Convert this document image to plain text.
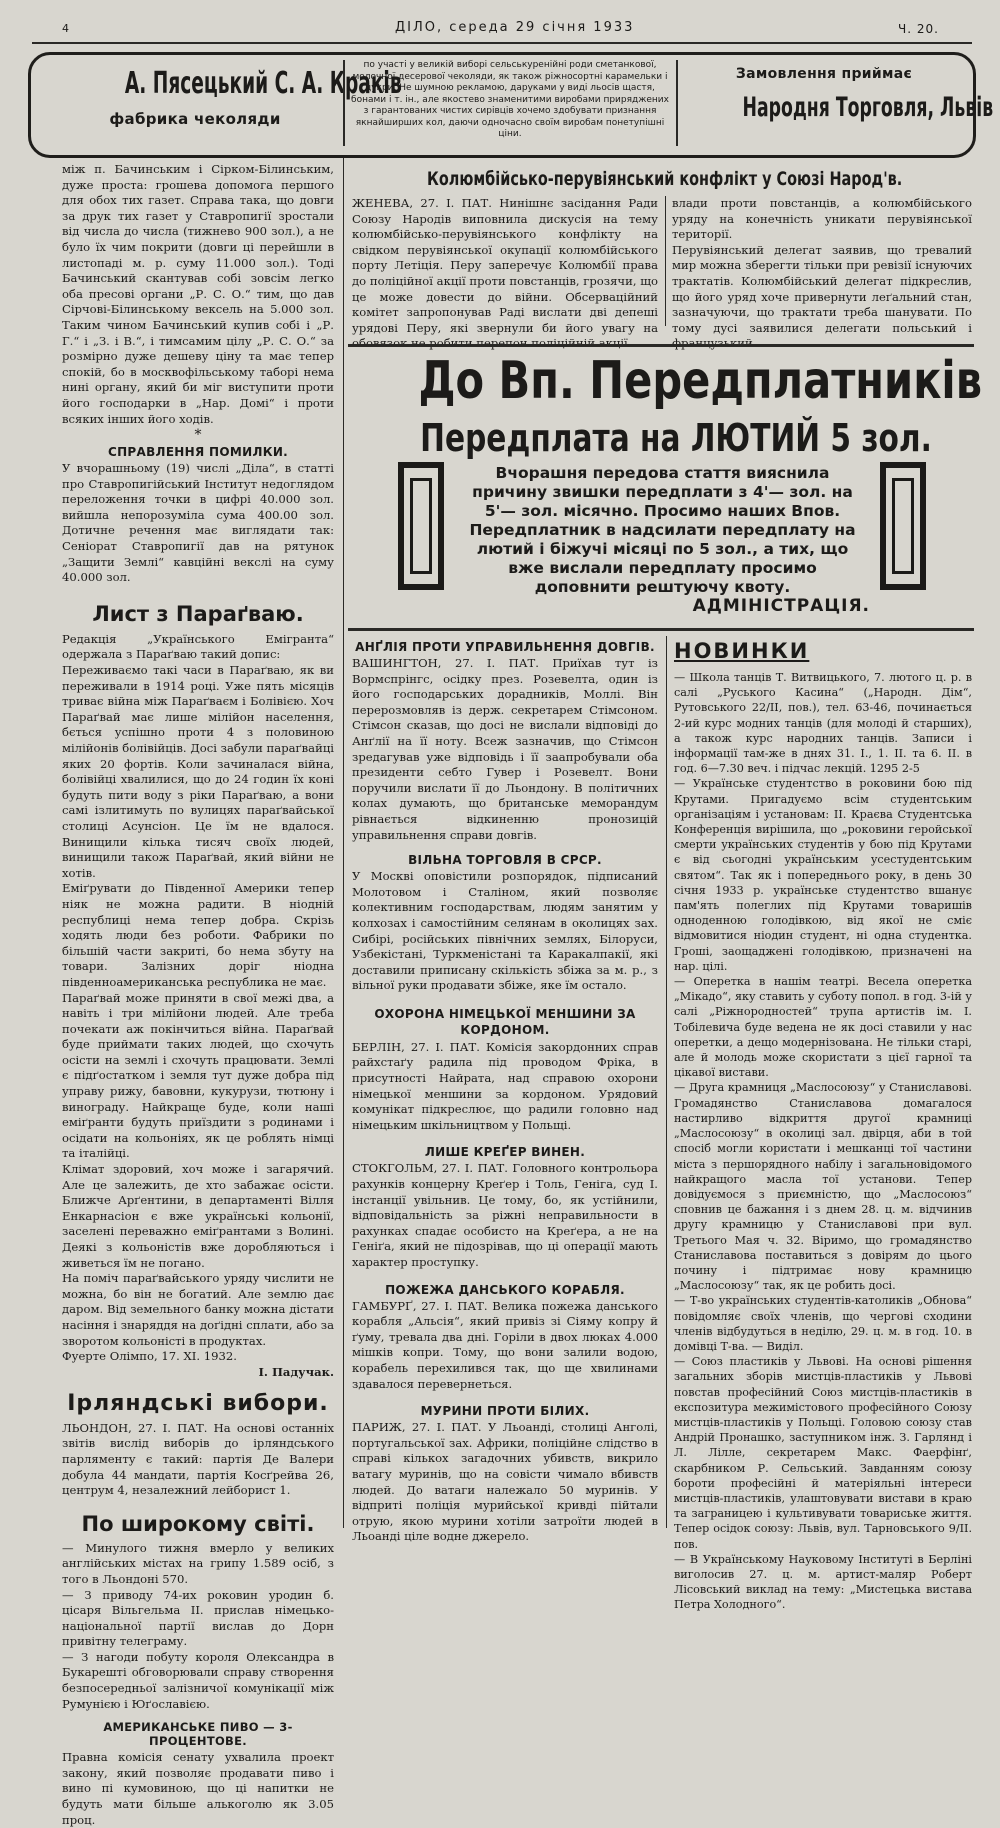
4	ДІЛО, середа 29 січня 1933	Ч. 20.
А. Пясецький С. А. Краків
фабрика чеколяди
по участі у великій виборі сельськуренійні роди сметанкової, молочної десерової чеколяди, як також ріжносортні карамельки і цукри. Не шумною рекламою, даруками у виді льосів щастя, бонами і т. ін., але якостево знаменитими виробами приряджених з гарантованих чистих сирівців хочемо здобувати признання якнайширших кол, даючи одночасно своїм виробам понетупішні ціни.
Замовлення приймає
Народня Торговля, Львів
між п. Бачинським і Сірком-Білинським, дуже проста: грошева допомога першого для обох тих газет. Справа така, що довги за друк тих газет у Ставропигії зростали від числа до числа (тижнево 900 зол.), а не було їх чим покрити (довги ці перейшли в листопаді м. р. суму 11.000 зол.). Тоді Бачинський скантував собі зовсім легко оба пресові органи „Р. С. О.“ тим, що дав Сірчові-Білинському вексель на 5.000 зол. Таким чином Бачинський купив собі і „Р. Г.“ і „З. і В.“, і тимсамим цілу „Р. С. О.“ за розмірно дуже дешеву ціну та має тепер спокій, бо в москвофільському таборі нема нині органу, який би міг виступити проти його господарки в „Нар. Домі“ і проти всяких інших його ходів.
*
СПРАВЛЕННЯ ПОМИЛКИ.
У вчорашньому (19) числі „Діла“, в статті про Ставропигійський Інститут недоглядом переложення точки в цифрі 40.000 зол. вийшла непорозуміла сума 400.00 зол. Дотичне речення має виглядати так: Сеніорат Ставропигії дав на рятунок „Защити Землі“ кавційні векслі на суму 40.000 зол.
Лист з Параґваю.
Редакція „Українського Емігранта“ одержала з Параґваю такий допис:
Переживаємо такі часи в Параґваю, як ви переживали в 1914 році. Уже пять місяців триває війна між Параґваєм і Болівією. Хоч Параґвай має лише мілійон населення, бється успішно проти 4 з половиною мілійонів болівійців. Досі забули параґвайці яких 20 фортів. Коли зачиналася війна, болівійці хвалилися, що до 24 годин їх коні будуть пити воду з ріки Параґваю, а вони самі ізлитимуть по вулицях параґвайської столиці Асунсіон. Це їм не вдалося. Винищили кілька тисяч своїх людей, винищили також Параґвай, який війни не хотів.
Еміґрувати до Південної Америки тепер ніяк не можна радити. В ніодній республиці нема тепер добра. Скрізь ходять люди без роботи. Фабрики по більшій части закриті, бо нема збуту на товари. Залізних доріг ніодна південноамериканська республика не має.
Параґвай може приняти в свої межі два, а навіть і три мілійони людей. Але треба почекати аж покінчиться війна. Параґвай буде приймати таких людей, що схочуть осісти на землі і схочуть працювати. Землі є підґостатком і земля тут дуже добра під управу рижу, бавовни, кукурузи, тютюну і винограду. Найкраще буде, коли наші еміґранти будуть приїздити з родинами і осідати на кольоніях, як це роблять німці та італійці.
Клімат здоровий, хоч може і загарячий. Але це залежить, де хто забажає осісти. Ближче Арґентини, в департаменті Вілля Енкарнасіон є вже українські кольонії, заселені переважно еміґрантами з Волині. Деякі з кольоністів вже доробляються і живеться їм не погано.
На поміч параґвайського уряду числити не можна, бо він не богатий. Але землю дає даром. Від земельного банку можна дістати насіння і знаряддя на доґідні сплати, або за зворотом кольоністі в продуктах.
Фуерте Олімпо, 17. XI. 1932.
І. Падучак.
Ірляндські вибори.
ЛЬОНДОН, 27. І. ПАТ. На основі останніх звітів вислід виборів до ірляндського парляменту є такий: партія Де Валери добула 44 мандати, партія Косґрейва 26, центрум 4, незалежний лейборист 1.
По широкому світі.
— Минулого тижня вмерло у великих англійських містах на грипу 1.589 осіб, з того в Льондоні 570.
— З приводу 74-их роковин уродин б. цісаря Вільгельма II. прислав німецько-національної партії вислав до Дорн привітну телеграму.
— З нагоди побуту короля Олександра в Букарешті обговорювали справу створення безпосередньої залізничої комунікації між Румунією і Юґославією.
АМЕРИКАНСЬКЕ ПИВО — 3-ПРОЦЕНТОВЕ.
Правна комісія сенату ухвалила проект закону, який позволяє продавати пиво і вино пі кумовиною, що ці напитки не будуть мати більше алькоголю як 3.05 проц.
Колюмбійсько-перувіянський конфлікт у Союзі Народ'в.
ЖЕНЕВА, 27. І. ПАТ. Нинішнє засідання Ради Союзу Народів виповнила дискусія на тему колюмбійсько-перувіянського конфлікту на свідком перувіянської окупації колюмбійського порту Летіція. Перу заперечує Колюмбії права до поліційної акції проти повстанців, грозячи, що це може довести до війни. Обсерваційний комітет запропонував Раді вислати дві депеші урядові Перу, які звернули би його увагу на обовязок не робити перепон поліційній акції
влади проти повстанців, а колюмбійського уряду на конечність уникати перувіянської території.
Перувіянський делегат заявив, що тревалий мир можна зберегти тільки при ревізії існуючих трактатів. Колюмбійський делегат підкреслив, що його уряд хоче привернути леґальний стан, зазначуючи, що трактати треба шанувати. По тому дусі заявилися делегати польський і французький.
До Вп. Передплатників
Передплата на ЛЮТИЙ 5 зол.
Вчорашня передова стаття вияснила причину звишки передплати з 4'— зол. на 5'— зол. місячно. Просимо наших Впов. Передплатник в надсилати передплату на лютий і біжучі місяці по 5 зол., а тих, що вже вислали передплату просимо доповнити рештуючу квоту.
АДМІНІСТРАЦІЯ.
АНҐЛІЯ ПРОТИ УПРАВИЛЬНЕННЯ ДОВГІВ.
ВАШИНГТОН, 27. І. ПАТ. Приїхав тут із Вормспрінгс, осідку през. Розевелта, один із його господарських дорадників, Моллі. Він перерозмовляв із держ. секретарем Стімсоном. Стімсон сказав, що досі не вислали відповіді до Анґлії на її ноту. Всеж зазначив, що Стімсон зредагував уже відповідь і її заапробували оба президенти себто Гувер і Розевелт. Вони поручили вислати її до Льондону. В політичних колах думають, що британське меморандум рівнається відкиненню пронозицій управильнення справи довгів.
ВІЛЬНА ТОРГОВЛЯ В СРСР.
У Москві оповістили розпорядок, підписаний Молотовом і Сталіном, який позволяє колективним господарствам, людям занятим у колхозах і самостійним селянам в околицях зах. Сибірі, російських північних землях, Білоруси, Узбекістані, Туркменістані та Каракалпакії, які доставили приписану скількість збіжа за м. р., з вільної руки продавати збіже, яке їм остало.
ОХОРОНА НІМЕЦЬКОЇ МЕНШИНИ ЗА КОРДОНОМ.
БЕРЛІН, 27. І. ПАТ. Комісія закордонних справ райхстаґу радила під проводом Фріка, в присутності Найрата, над справою охорони німецької меншини за кордоном. Урядовий комунікат підкреслює, що радили головно над німецьким шкільництвом у Польщі.
ЛИШЕ КРЕҐЕР ВИНЕН.
СТОКГОЛЬМ, 27. І. ПАТ. Головного контрольора рахунків концерну Креґер і Толь, Геніга, суд І. інстанції увільнив. Це тому, бо, як устійнили, відповідальність за ріжні неправильности в рахунках спадає особисто на Креґера, а не на Геніґа, який не підозрівав, що ці операції мають характер проступку.
ПОЖЕЖА ДАНСЬКОГО КОРАБЛЯ.
ГАМБУРҐ, 27. І. ПАТ. Велика пожежа данського корабля „Альсія“, який привіз зі Сіяму копру й ґуму, тревала два дні. Горіли в двох люках 4.000 мішків копри. Тому, що вони залили водою, корабель перехилився так, що ще хвилинами здавалося перевернеться.
МУРИНИ ПРОТИ БІЛИХ.
ПАРИЖ, 27. І. ПАТ. У Льоанді, столиці Анголі, португальської зах. Африки, поліційне слідство в справі кількох загадочних убивств, викрило ватагу муринів, що на совісти чимало вбивств людей. До ватаги належало 50 муринів. У відприті поліція мурийської кривді пійтали отрую, якою мурини хотіли затроїти людей в Льоанді ціле водне джерело.
НОВИНКИ
— Школа танців Т. Витвицького, 7. лютого ц. р. в салі „Руського Касина“ („Народн. Дім“, Рутовського 22/II, пов.), тел. 63-46, починається 2-ий курс модних танців (для молоді й старших), а також курс народних танців. Записи і інформації там-же в днях 31. І., 1. II. та 6. II. в год. 6—7.30 веч. і підчас лекцій. 1295 2-5
— Українське студентство в роковини бою під Крутами. Пригадуємо всім студентським організаціям і установам: II. Краєва Студентська Конференція вирішила, що „роковини геройської смерти українських студентів у бою під Крутами є від сьогодні українським усестудентським святом“. Так як і попереднього року, в день 30 січня 1933 р. українське студентство вшанує пам'ять полеглих під Крутами товаришів одноденною голодівкою, від якої не сміє відмовитися ніодин студент, ні одна студентка. Гроші, заощаджені голодівкою, призначені на нар. цілі.
— Оперетка в нашім театрі. Весела оперетка „Мікадо“, яку ставить у суботу попол. в год. 3-ій у салі „Ріжнородностей“ трупа артистів ім. І. Тобілевича буде ведена не як досі ставили у нас оперетки, а дещо модернізована. Не тільки старі, але й молодь може скористати з цієї гарної та цікавої вистави.
— Друга крамниця „Маслосоюзу“ у Станиславові. Громадянство Станиславова домагалося настирливо відкриття другої крамниці „Маслосоюзу“ в околиці зал. двірця, аби в той спосіб могли користати і мешканці тої частини міста з першорядного набілу і загальновідомого найкращого масла тої установи. Тепер довідуємося з приємністю, що „Маслосоюз“ сповнив це бажання і з днем 28. ц. м. відчинив другу крамницю у Станиславові при вул. Третього Мая ч. 32. Віримо, що громадянство Станиславова поставиться з довірям до цього почину і підтримає нову крамницю „Маслосоюзу“ так, як це робить досі.
— Т-во українських студентів-католиків „Обнова“ повідомляє своїх членів, що чергові сходини членів відбудуться в неділю, 29. ц. м. в год. 10. в домівці Т-ва. — Виділ.
— Союз пластиків у Львові. На основі рішення загальних зборів мистців-пластиків у Львові повстав професійний Союз мистців-пластиків в експозитура межимістового професійного Союзу мистців-пластиків у Польщі. Головою союзу став Андрій Пронашко, заступником інж. З. Гарлянд і Л. Лілле, секретарем Макс. Фаерфінґ, скарбником Р. Сельський. Завданням союзу бороти професійні й матеріяльні інтереси мистців-пластиків, улаштовувати вистави в краю та заграницею і культивувати товариське життя. Тепер осідок союзу: Львів, вул. Тарновського 9/II. пов.
— В Українському Науковому Інституті в Берліні виголосив 27. ц. м. артист-маляр Роберт Лісовський виклад на тему: „Мистецька вистава Петра Холодного“.
